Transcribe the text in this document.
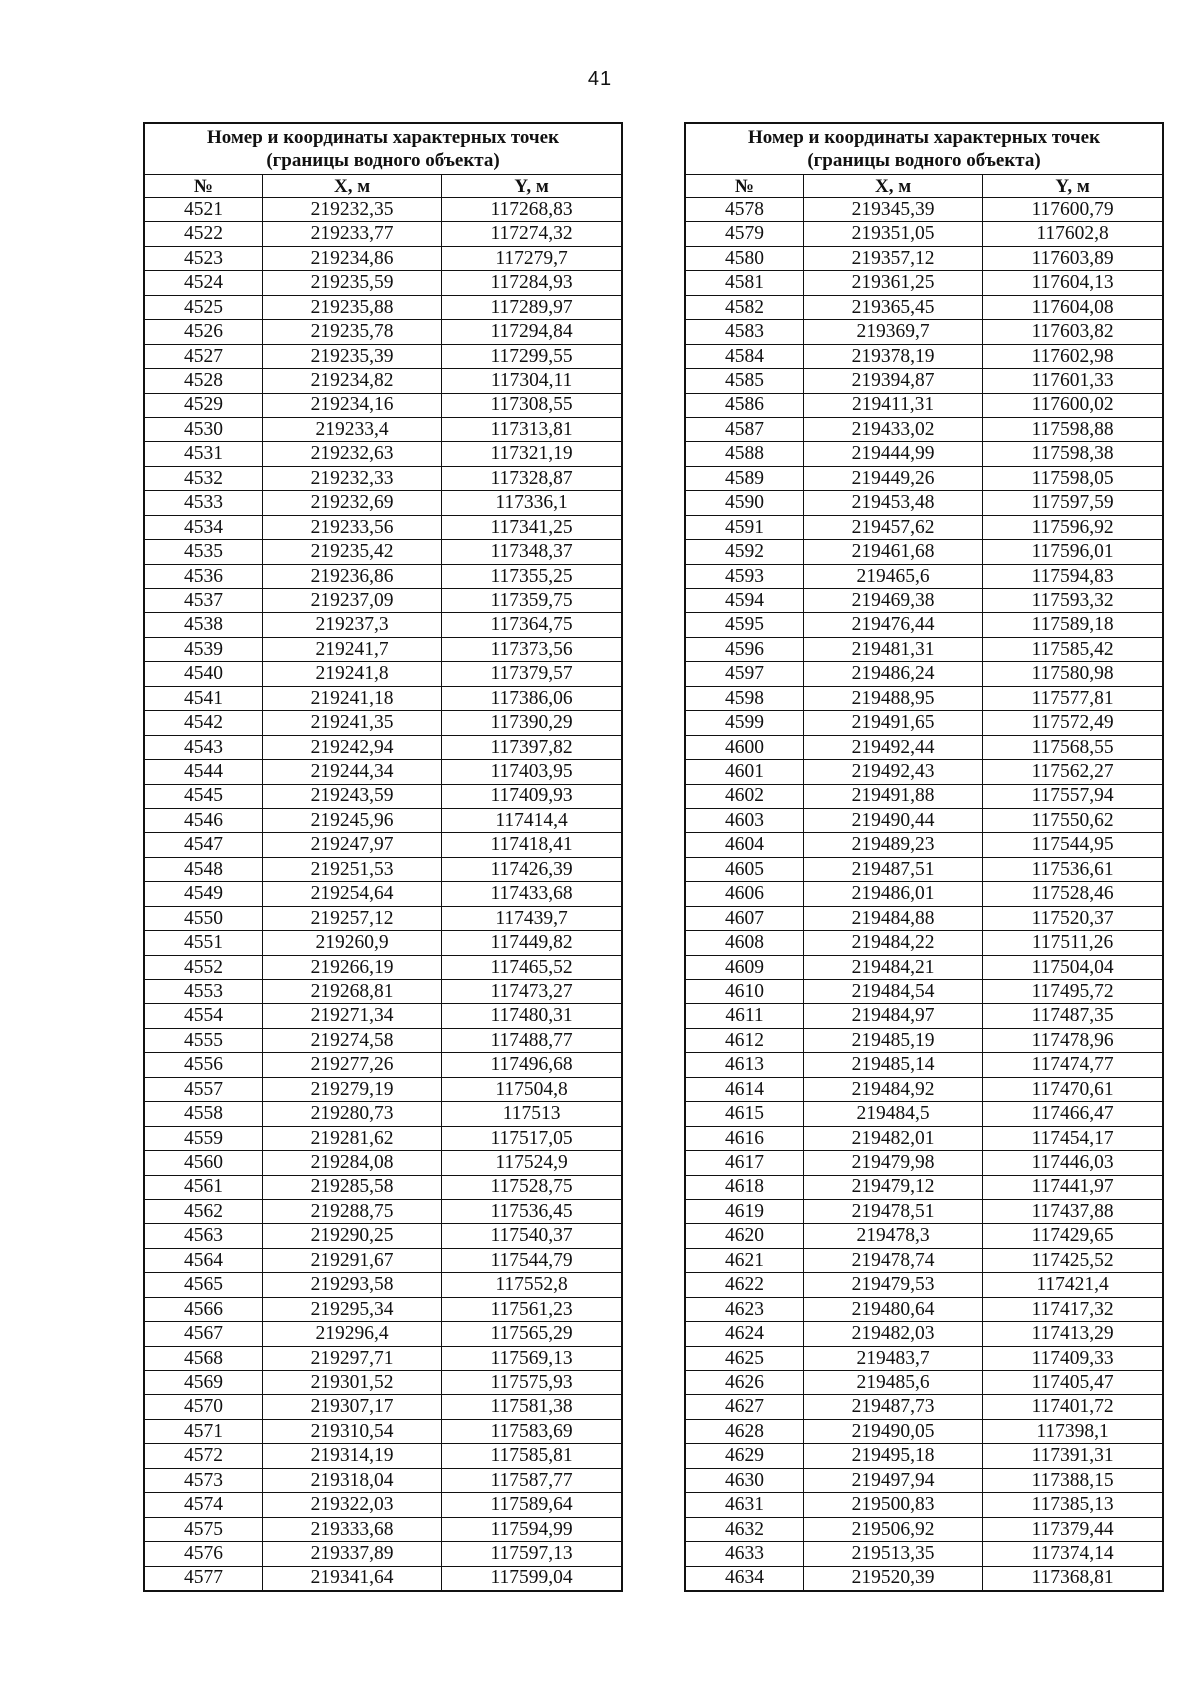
41
Номер и координаты характерных точек
(границы водного объекта)		

№	X, м	Y, м
4521	219232,35	117268,83
4522	219233,77	117274,32
4523	219234,86	117279,7
4524	219235,59	117284,93
4525	219235,88	117289,97
4526	219235,78	117294,84
4527	219235,39	117299,55
4528	219234,82	117304,11
4529	219234,16	117308,55
4530	219233,4	117313,81
4531	219232,63	117321,19
4532	219232,33	117328,87
4533	219232,69	117336,1
4534	219233,56	117341,25
4535	219235,42	117348,37
4536	219236,86	117355,25
4537	219237,09	117359,75
4538	219237,3	117364,75
4539	219241,7	117373,56
4540	219241,8	117379,57
4541	219241,18	117386,06
4542	219241,35	117390,29
4543	219242,94	117397,82
4544	219244,34	117403,95
4545	219243,59	117409,93
4546	219245,96	117414,4
4547	219247,97	117418,41
4548	219251,53	117426,39
4549	219254,64	117433,68
4550	219257,12	117439,7
4551	219260,9	117449,82
4552	219266,19	117465,52
4553	219268,81	117473,27
4554	219271,34	117480,31
4555	219274,58	117488,77
4556	219277,26	117496,68
4557	219279,19	117504,8
4558	219280,73	117513
4559	219281,62	117517,05
4560	219284,08	117524,9
4561	219285,58	117528,75
4562	219288,75	117536,45
4563	219290,25	117540,37
4564	219291,67	117544,79
4565	219293,58	117552,8
4566	219295,34	117561,23
4567	219296,4	117565,29
4568	219297,71	117569,13
4569	219301,52	117575,93
4570	219307,17	117581,38
4571	219310,54	117583,69
4572	219314,19	117585,81
4573	219318,04	117587,77
4574	219322,03	117589,64
4575	219333,68	117594,99
4576	219337,89	117597,13
4577	219341,64	117599,04
Номер и координаты характерных точек
(границы водного объекта)		

№	X, м	Y, м
4578	219345,39	117600,79
4579	219351,05	117602,8
4580	219357,12	117603,89
4581	219361,25	117604,13
4582	219365,45	117604,08
4583	219369,7	117603,82
4584	219378,19	117602,98
4585	219394,87	117601,33
4586	219411,31	117600,02
4587	219433,02	117598,88
4588	219444,99	117598,38
4589	219449,26	117598,05
4590	219453,48	117597,59
4591	219457,62	117596,92
4592	219461,68	117596,01
4593	219465,6	117594,83
4594	219469,38	117593,32
4595	219476,44	117589,18
4596	219481,31	117585,42
4597	219486,24	117580,98
4598	219488,95	117577,81
4599	219491,65	117572,49
4600	219492,44	117568,55
4601	219492,43	117562,27
4602	219491,88	117557,94
4603	219490,44	117550,62
4604	219489,23	117544,95
4605	219487,51	117536,61
4606	219486,01	117528,46
4607	219484,88	117520,37
4608	219484,22	117511,26
4609	219484,21	117504,04
4610	219484,54	117495,72
4611	219484,97	117487,35
4612	219485,19	117478,96
4613	219485,14	117474,77
4614	219484,92	117470,61
4615	219484,5	117466,47
4616	219482,01	117454,17
4617	219479,98	117446,03
4618	219479,12	117441,97
4619	219478,51	117437,88
4620	219478,3	117429,65
4621	219478,74	117425,52
4622	219479,53	117421,4
4623	219480,64	117417,32
4624	219482,03	117413,29
4625	219483,7	117409,33
4626	219485,6	117405,47
4627	219487,73	117401,72
4628	219490,05	117398,1
4629	219495,18	117391,31
4630	219497,94	117388,15
4631	219500,83	117385,13
4632	219506,92	117379,44
4633	219513,35	117374,14
4634	219520,39	117368,81
